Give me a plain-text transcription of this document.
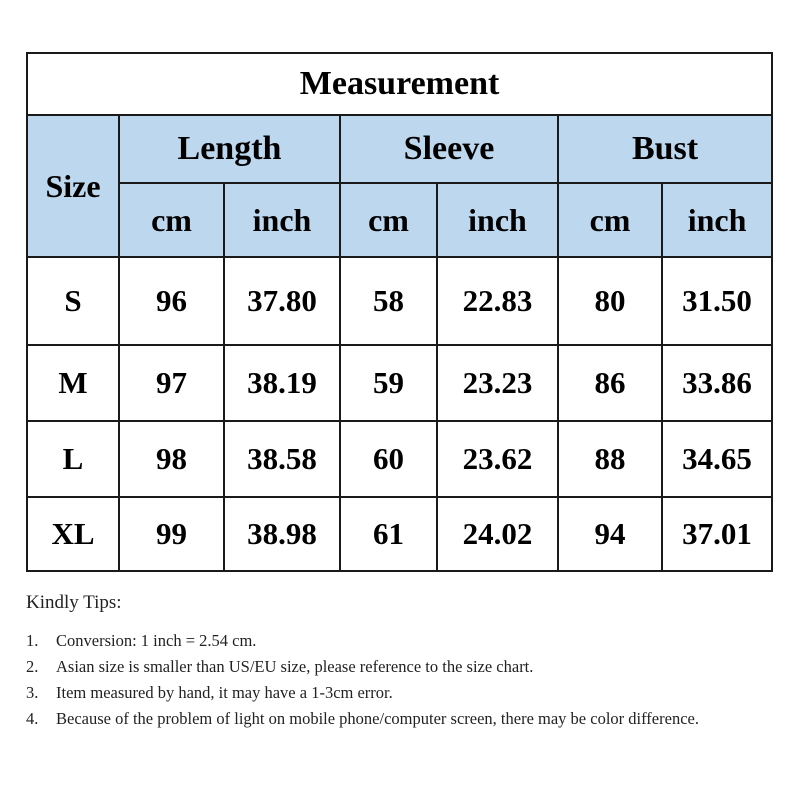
Measurement						
Size	Length		Sleeve		Bust	
	cm	inch	cm	inch	cm	inch
S	96	37.80	58	22.83	80	31.50
M	97	38.19	59	23.23	86	33.86
L	98	38.58	60	23.62	88	34.65
XL	99	38.98	61	24.02	94	37.01
Kindly Tips:
1. Conversion: 1 inch = 2.54 cm.
2. Asian size is smaller than US/EU size, please reference to the size chart.
3. Item measured by hand, it may have a 1-3cm error.
4. Because of the problem of light on mobile phone/computer screen, there may be color difference.
